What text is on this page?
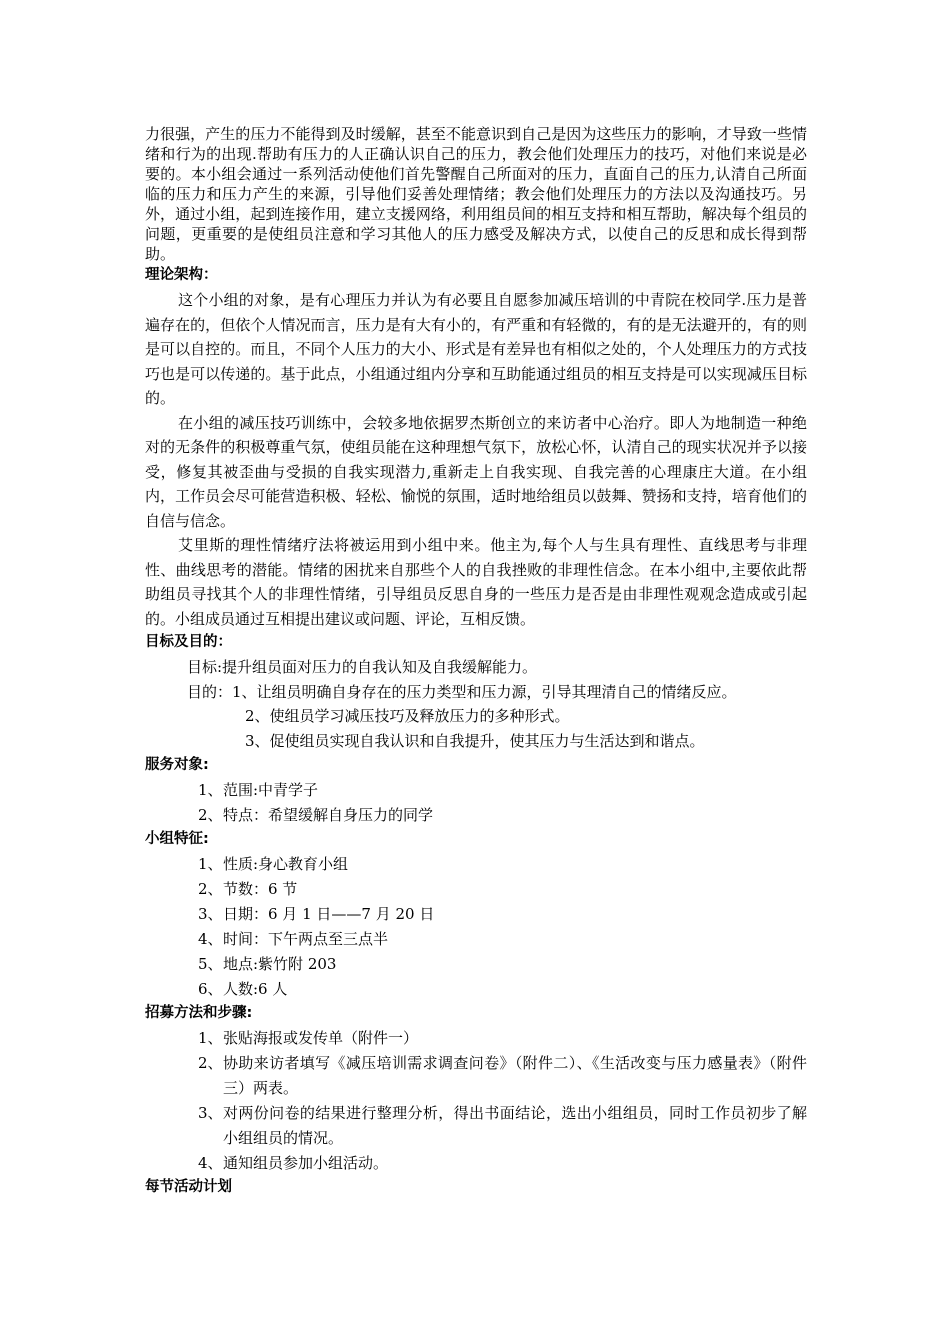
力很强，产生的压力不能得到及时缓解，甚至不能意识到自己是因为这些压力的影响，才导致一些情绪和行为的出现.帮助有压力的人正确认识自己的压力，教会他们处理压力的技巧，对他们来说是必要的。本小组会通过一系列活动使他们首先警醒自己所面对的压力，直面自己的压力,认清自己所面临的压力和压力产生的来源，引导他们妥善处理情绪；教会他们处理压力的方法以及沟通技巧。另外，通过小组，起到连接作用，建立支援网络，利用组员间的相互支持和相互帮助，解决每个组员的问题，更重要的是使组员注意和学习其他人的压力感受及解决方式，以使自己的反思和成长得到帮助。

理论架构：

这个小组的对象，是有心理压力并认为有必要且自愿参加减压培训的中青院在校同学.压力是普遍存在的，但依个人情况而言，压力是有大有小的，有严重和有轻微的，有的是无法避开的，有的则是可以自控的。而且，不同个人压力的大小、形式是有差异也有相似之处的，个人处理压力的方式技巧也是可以传递的。基于此点，小组通过组内分享和互助能通过组员的相互支持是可以实现减压目标的。

在小组的减压技巧训练中，会较多地依据罗杰斯创立的来访者中心治疗。即人为地制造一种绝对的无条件的积极尊重气氛，使组员能在这种理想气氛下，放松心怀，认清自己的现实状况并予以接受，修复其被歪曲与受损的自我实现潜力,重新走上自我实现、自我完善的心理康庄大道。在小组内，工作员会尽可能营造积极、轻松、愉悦的氛围，适时地给组员以鼓舞、赞扬和支持，培育他们的自信与信念。

艾里斯的理性情绪疗法将被运用到小组中来。他主为,每个人与生具有理性、直线思考与非理性、曲线思考的潜能。情绪的困扰来自那些个人的自我挫败的非理性信念。在本小组中,主要依此帮助组员寻找其个人的非理性情绪，引导组员反思自身的一些压力是否是由非理性观观念造成或引起的。小组成员通过互相提出建议或问题、评论，互相反馈。

目标及目的：

目标:提升组员面对压力的自我认知及自我缓解能力。

目的：1、让组员明确自身存在的压力类型和压力源，引导其理清自己的情绪反应。

2、使组员学习减压技巧及释放压力的多种形式。

3、促使组员实现自我认识和自我提升，使其压力与生活达到和谐点。

服务对象:
1、 范围:中青学子
2、 特点：希望缓解自身压力的同学
小组特征:
1、 性质:身心教育小组
2、 节数：6 节
3、 日期：6 月 1 日——7 月 20 日
4、 时间：下午两点至三点半
5、 地点:紫竹附 203
6、 人数:6 人
招募方法和步骤:
1、 张贴海报或发传单（附件一）
2、 协助来访者填写《减压培训需求调查问卷》（附件二）、《生活改变与压力感量表》（附件三）两表。
3、 对两份问卷的结果进行整理分析，得出书面结论，选出小组组员，同时工作员初步了解小组组员的情况。
4、 通知组员参加小组活动。
每节活动计划
